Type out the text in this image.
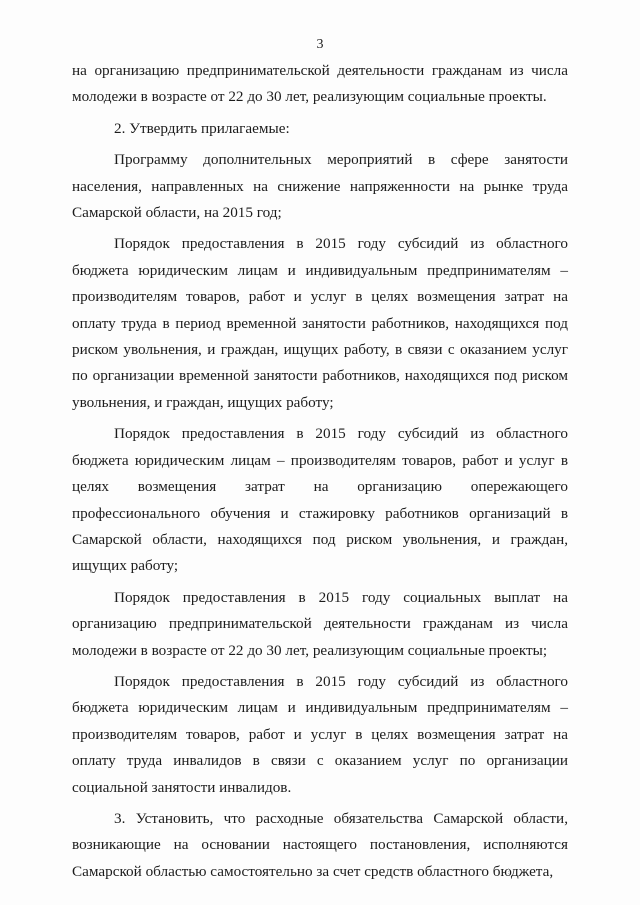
3

на организацию предпринимательской деятельности гражданам из числа молодежи в возрасте от 22 до 30 лет, реализующим социальные проекты.

2. Утвердить прилагаемые:

Программу дополнительных мероприятий в сфере занятости населения, направленных на снижение напряженности на рынке труда Самарской области, на 2015 год;

Порядок предоставления в 2015 году субсидий из областного бюджета юридическим лицам и индивидуальным предпринимателям – производителям товаров, работ и услуг в целях возмещения затрат на оплату труда в период временной занятости работников, находящихся под риском увольнения, и граждан, ищущих работу, в связи с оказанием услуг по организации временной занятости работников, находящихся под риском увольнения, и граждан, ищущих работу;

Порядок предоставления в 2015 году субсидий из областного бюджета юридическим лицам – производителям товаров, работ и услуг в целях возмещения затрат на организацию опережающего профессионального обучения и стажировку работников организаций в Самарской области, находящихся под риском увольнения, и граждан, ищущих работу;

Порядок предоставления в 2015 году социальных выплат на организацию предпринимательской деятельности гражданам из числа молодежи в возрасте от 22 до 30 лет, реализующим социальные проекты;

Порядок предоставления в 2015 году субсидий из областного бюджета юридическим лицам и индивидуальным предпринимателям – производителям товаров, работ и услуг в целях возмещения затрат на оплату труда инвалидов в связи с оказанием услуг по организации социальной занятости инвалидов.

3. Установить, что расходные обязательства Самарской области, возникающие на основании настоящего постановления, исполняются Самарской областью самостоятельно за счет средств областного бюджета,
